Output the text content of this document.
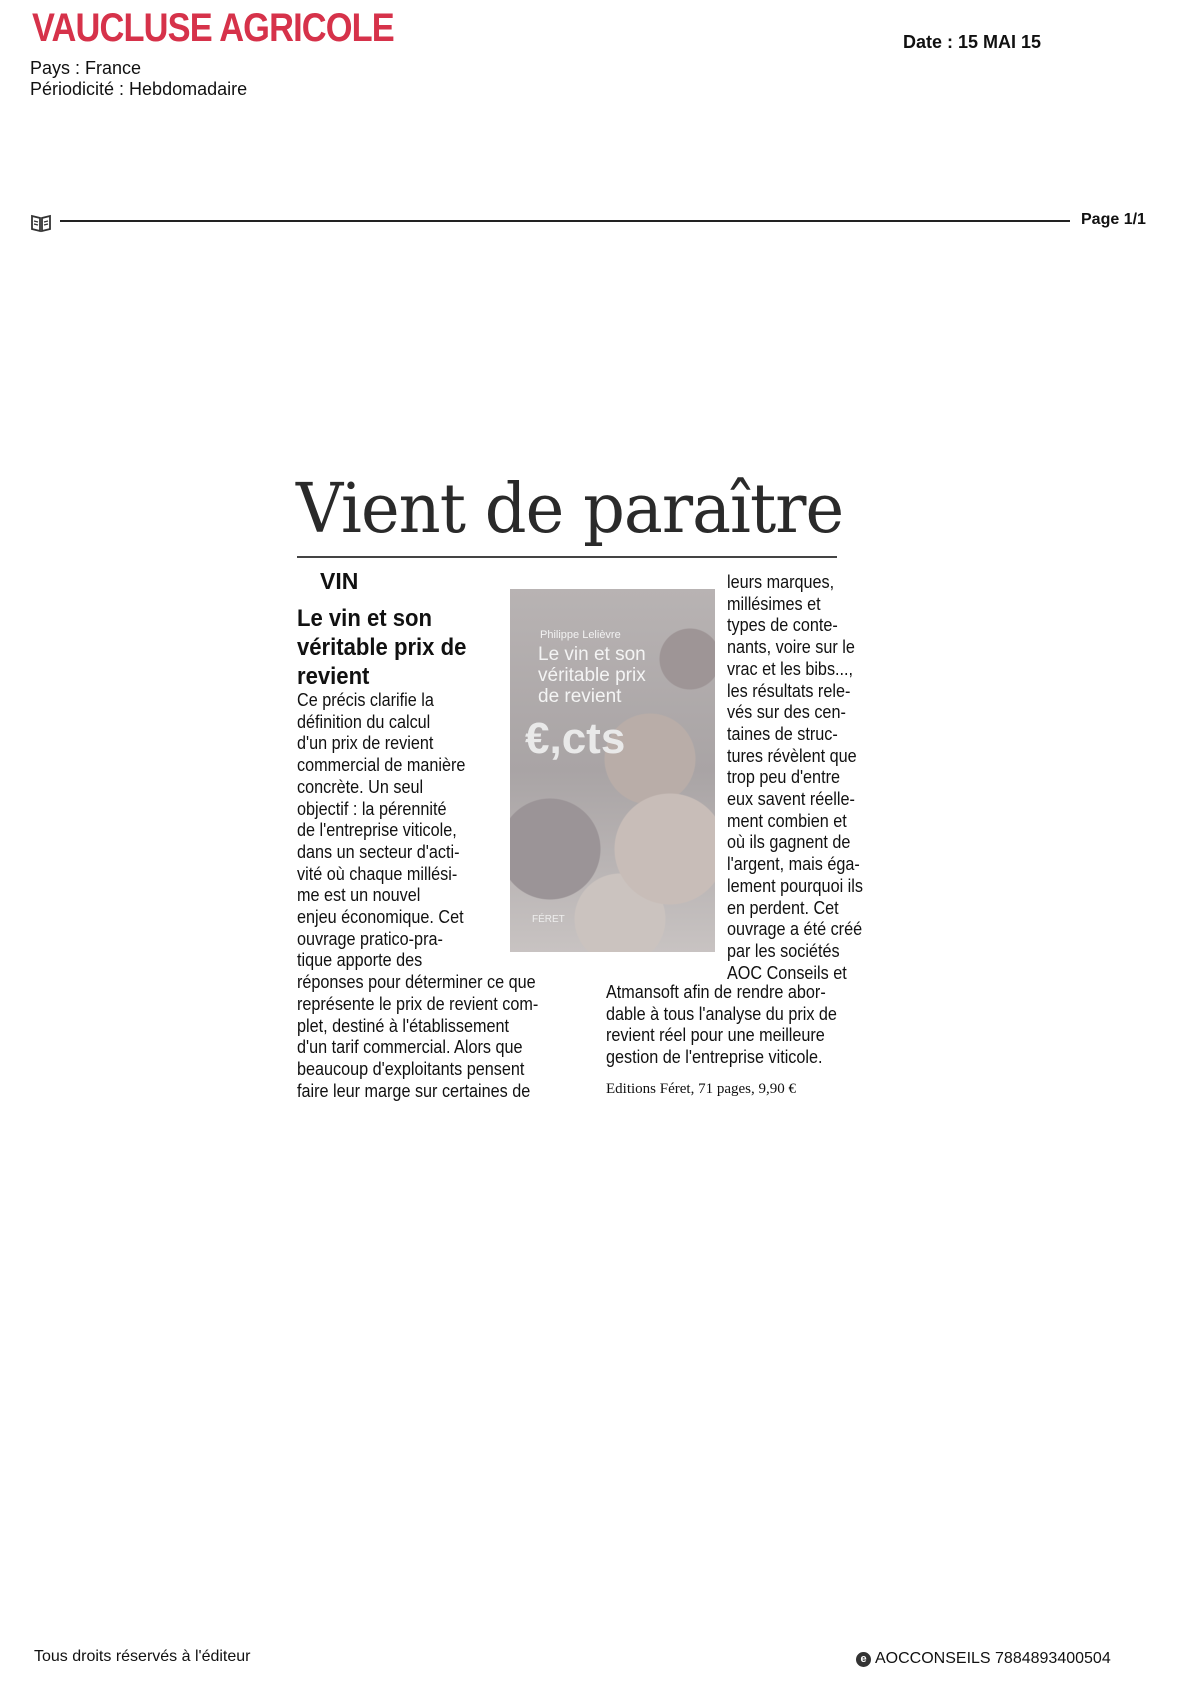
VAUCLUSE AGRICOLE
Pays : France
Périodicité : Hebdomadaire
Date : 15 MAI 15
Page 1/1
Vient de paraître
VIN
Le vin et son véritable prix de revient
Philippe Lelièvre
Le vin et son
véritable prix
de revient
€,cts
FÉRET
Ce précis clarifie la
définition du calcul
d'un prix de revient
commercial de manière
concrète. Un seul
objectif : la pérennité
de l'entreprise viticole,
dans un secteur d'acti-
vité où chaque millési-
me est un nouvel
enjeu économique. Cet
ouvrage pratico-pra-
tique apporte des
réponses pour déterminer ce que
représente le prix de revient com-
plet, destiné à l'établissement
d'un tarif commercial. Alors que
beaucoup d'exploitants pensent
faire leur marge sur certaines de
leurs marques,
millésimes et
types de conte-
nants, voire sur le
vrac et les bibs...,
les résultats rele-
vés sur des cen-
taines de struc-
tures révèlent que
trop peu d'entre
eux savent réelle-
ment combien et
où ils gagnent de
l'argent, mais éga-
lement pourquoi ils
en perdent. Cet
ouvrage a été créé
par les sociétés
AOC Conseils et
Atmansoft afin de rendre abor-
dable à tous l'analyse du prix de
revient réel pour une meilleure
gestion de l'entreprise viticole.
Editions Féret, 71 pages, 9,90 €
Tous droits réservés à l'éditeur	e AOCCONSEILS 7884893400504
